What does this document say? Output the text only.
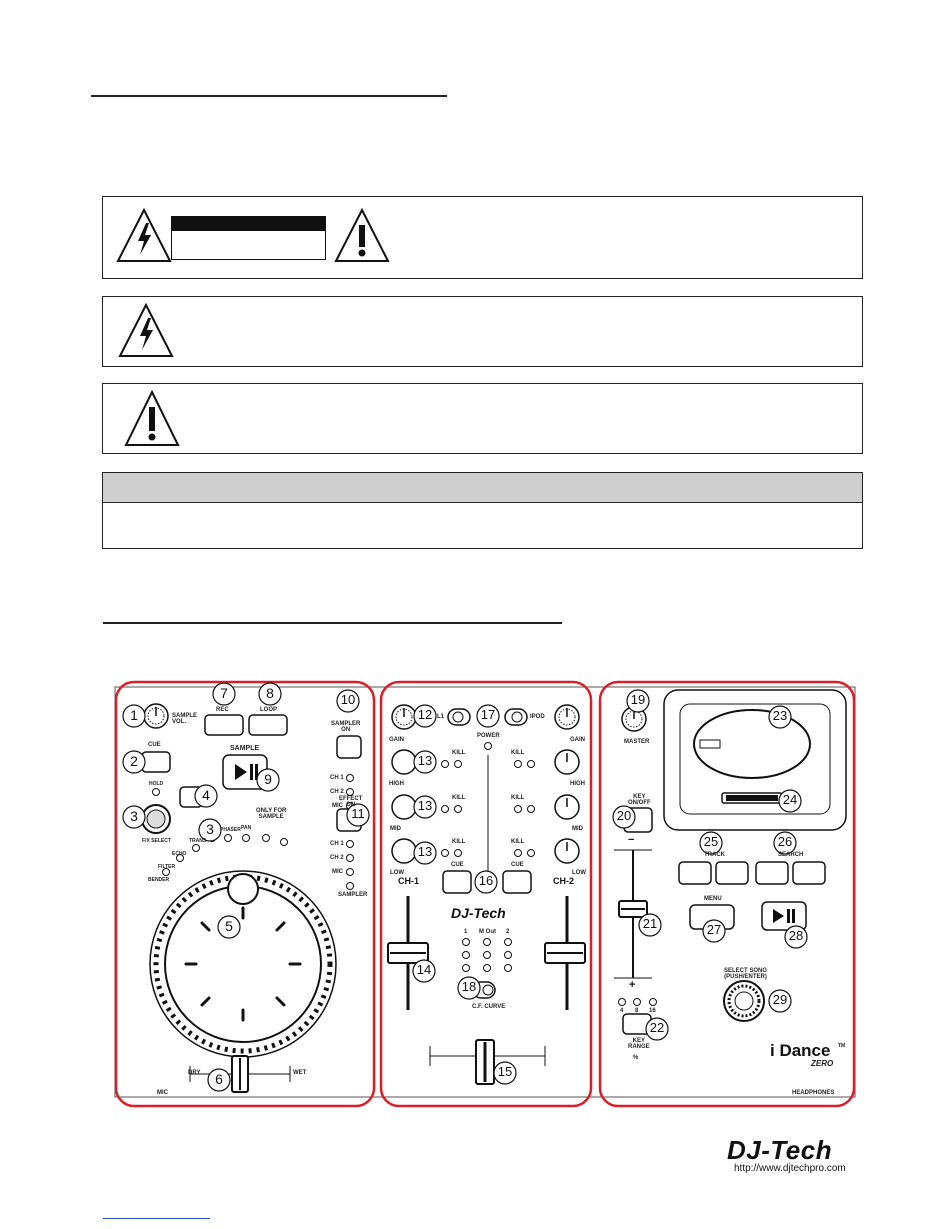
1
2
3
3
4
5
6
7	8
9
10
11
12
13
13
13
14
15
16
17
18
19
20
21
22
23
24
25	26
27	28
29
SAMPLE
VOL.
CUE
REC	LOOP
SAMPLER
ON
SAMPLE
CH 1
CH 2
MIC
HOLD
F/X SELECT
ONLY FOR
SAMPLE
EFFECT
ON
TRANS
PHASER PAN
ECHO
FILTER
BENDER
CH 1
CH 2
MIC
SAMPLER
DRY	WET
MIC
L1	IPOD
POWER
GAIN	GAIN
HIGH	HIGH
MID	MID
LOW	LOW
KILL
KILL
KILL
KILL
KILL
KILL
CUE	CUE
CH-1	CH-2
DJ-Tech
1 M Out 2
C.F. CURVE
MASTER
KEY
ON/OFF
TRACK	SEARCH
MENU
SELECT SONG
(PUSH/ENTER)
4 8 16
KEY
RANGE
%
−
+
i Dance TM
ZERO
HEADPHONES
DJ-Tech
http://www.djtechpro.com
